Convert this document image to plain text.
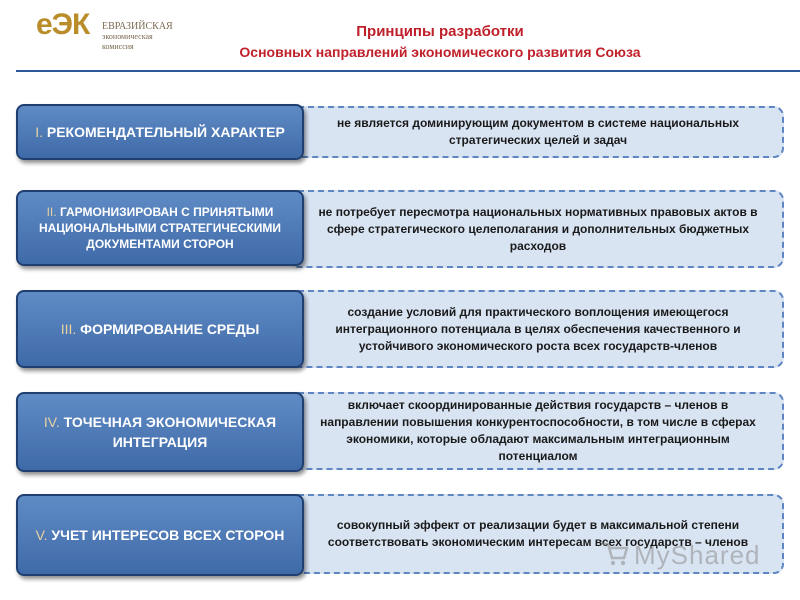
еЭК ЕВРАЗИЙСКАЯ
экономическая
комиссия
Принципы разработки
Основных направлений экономического развития Союза
не является доминирующим документом в системе национальных стратегических целей и задач
I. РЕКОМЕНДАТЕЛЬНЫЙ ХАРАКТЕР
не потребует пересмотра национальных нормативных правовых актов в сфере стратегического целеполагания и дополнительных бюджетных расходов
II. ГАРМОНИЗИРОВАН С ПРИНЯТЫМИ НАЦИОНАЛЬНЫМИ СТРАТЕГИЧЕСКИМИ ДОКУМЕНТАМИ СТОРОН
создание условий для практического воплощения имеющегося интеграционного потенциала в целях обеспечения качественного и устойчивого экономического роста всех государств-членов
III. ФОРМИРОВАНИЕ СРЕДЫ
включает скоординированные действия государств – членов в направлении повышения конкурентоспособности, в том числе в сферах экономики, которые обладают максимальным интеграционным потенциалом
IV. ТОЧЕЧНАЯ ЭКОНОМИЧЕСКАЯ ИНТЕГРАЦИЯ
совокупный эффект от реализации будет в максимальной степени соответствовать экономическим интересам всех государств – членов
V. УЧЕТ ИНТЕРЕСОВ ВСЕХ СТОРОН
MyShared
